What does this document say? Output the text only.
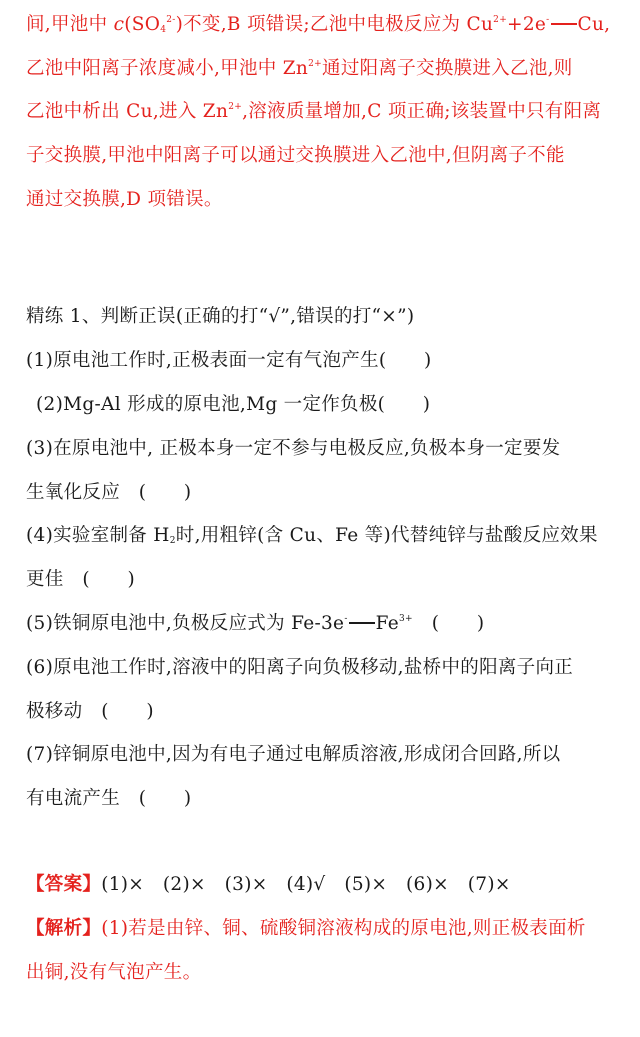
间,甲池中 $c(SO_4^{2-})$不变,B 项错误;乙池中电极反应为 $Cu^{2+}+2e^-$ Cu,
乙池中阳离子浓度减小,甲池中 $Zn^{2+}$通过阳离子交换膜进入乙池,则
乙池中析出 Cu,进入 $Zn^{2+}$,溶液质量增加,C 项正确;该装置中只有阳离
子交换膜,甲池中阳离子可以通过交换膜进入乙池中,但阴离子不能
通过交换膜,D 项错误。
精练 1、判断正误(正确的打“√”,错误的打“×”)
(1)原电池工作时,正极表面一定有气泡产生(　　)
(2)Mg-Al 形成的原电池,Mg 一定作负极(　　)
(3)在原电池中, 正极本身一定不参与电极反应,负极本身一定要发
生氧化反应　(　　)
(4)实验室制备 $H_2$时,用粗锌(含 Cu、Fe 等)代替纯锌与盐酸反应效果
更佳　(　　)
(5)铁铜原电池中,负极反应式为 Fe-3e- $Fe^{3+}$　(　　)
(6)原电池工作时,溶液中的阳离子向负极移动,盐桥中的阳离子向正
极移动　(　　)
(7)锌铜原电池中,因为有电子通过电解质溶液,形成闭合回路,所以
有电流产生　(　　)
【答案】(1)×　(2)×　(3)×　(4)√　(5)×　(6)×　(7)×
【解析】(1)若是由锌、铜、硫酸铜溶液构成的原电池,则正极表面析
出铜,没有气泡产生。
